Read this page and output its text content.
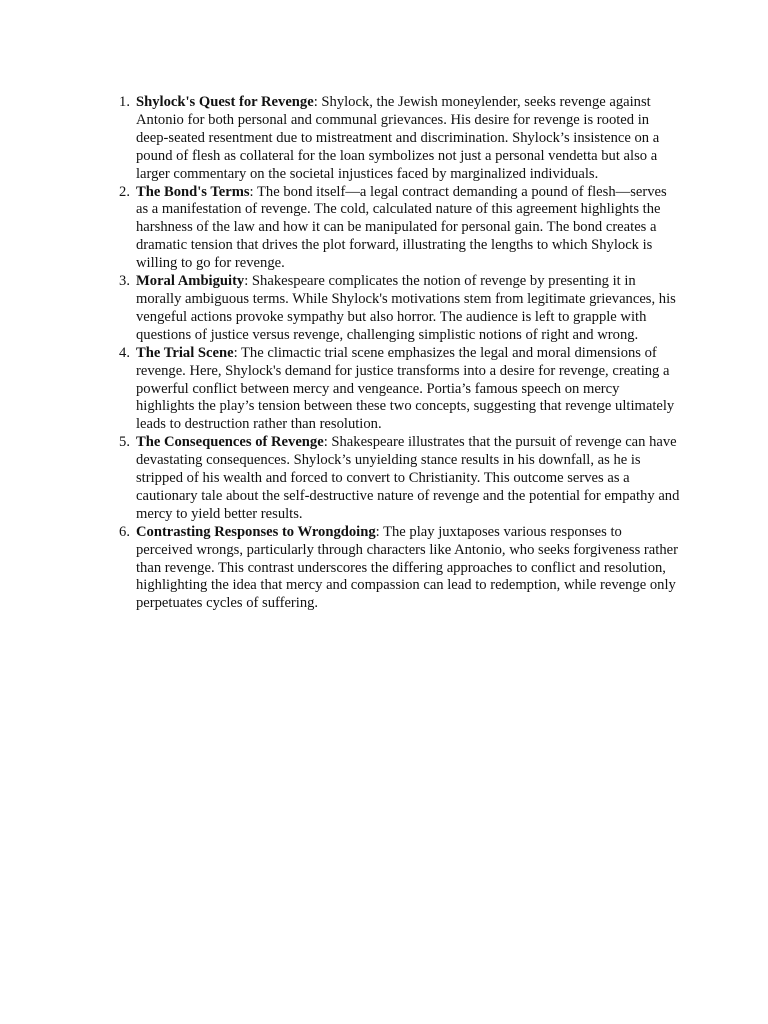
1. Shylock's Quest for Revenge: Shylock, the Jewish moneylender, seeks revenge against Antonio for both personal and communal grievances. His desire for revenge is rooted in deep-seated resentment due to mistreatment and discrimination. Shylock’s insistence on a pound of flesh as collateral for the loan symbolizes not just a personal vendetta but also a larger commentary on the societal injustices faced by marginalized individuals.
2. The Bond's Terms: The bond itself—a legal contract demanding a pound of flesh—serves as a manifestation of revenge. The cold, calculated nature of this agreement highlights the harshness of the law and how it can be manipulated for personal gain. The bond creates a dramatic tension that drives the plot forward, illustrating the lengths to which Shylock is willing to go for revenge.
3. Moral Ambiguity: Shakespeare complicates the notion of revenge by presenting it in morally ambiguous terms. While Shylock's motivations stem from legitimate grievances, his vengeful actions provoke sympathy but also horror. The audience is left to grapple with questions of justice versus revenge, challenging simplistic notions of right and wrong.
4. The Trial Scene: The climactic trial scene emphasizes the legal and moral dimensions of revenge. Here, Shylock's demand for justice transforms into a desire for revenge, creating a powerful conflict between mercy and vengeance. Portia’s famous speech on mercy highlights the play’s tension between these two concepts, suggesting that revenge ultimately leads to destruction rather than resolution.
5. The Consequences of Revenge: Shakespeare illustrates that the pursuit of revenge can have devastating consequences. Shylock’s unyielding stance results in his downfall, as he is stripped of his wealth and forced to convert to Christianity. This outcome serves as a cautionary tale about the self-destructive nature of revenge and the potential for empathy and mercy to yield better results.
6. Contrasting Responses to Wrongdoing: The play juxtaposes various responses to perceived wrongs, particularly through characters like Antonio, who seeks forgiveness rather than revenge. This contrast underscores the differing approaches to conflict and resolution, highlighting the idea that mercy and compassion can lead to redemption, while revenge only perpetuates cycles of suffering.
